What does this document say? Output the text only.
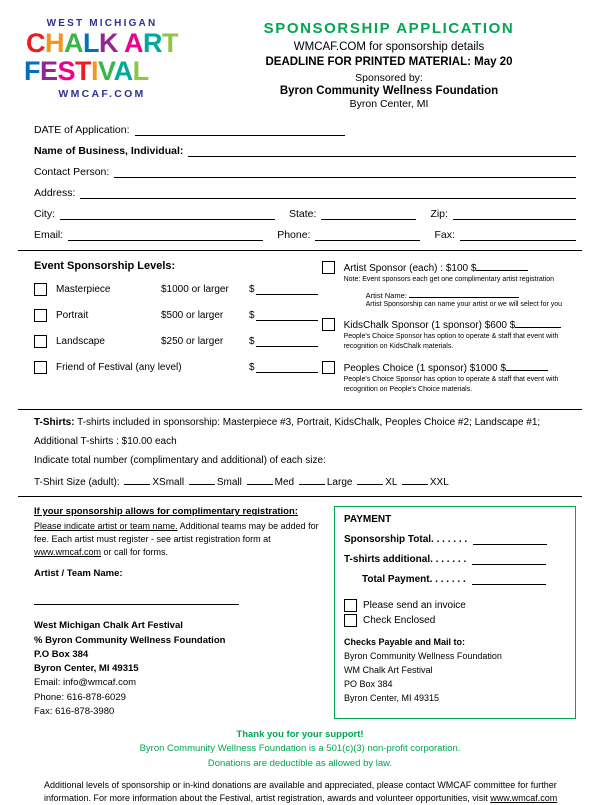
WEST MICHIGAN
CHALK ART
FESTIVAL
WMCAF.COM
SPONSORSHIP APPLICATION
WMCAF.COM for sponsorship details
DEADLINE FOR PRINTED MATERIAL: May 20
Sponsored by:
Byron Community Wellness Foundation
Byron Center, MI
DATE of Application:
Name of Business, Individual:
Contact Person:
Address:
City:	State:	Zip:
Email:	Phone:	Fax:
Event Sponsorship Levels:
Masterpiece	$1000 or larger	$
Portrait	$500 or larger	$
Landscape	$250 or larger	$
Friend of Festival (any level)	$
Artist Sponsor (each) : $100 $
Note: Event sponsors each get one complimentary artist registration
Artist Name:
Artist Sponsorship can name your artist or we will select for you
KidsChalk Sponsor (1 sponsor) $600 $
People's Choice Sponsor has option to operate & staff that event with recognition on KidsChalk materials.
Peoples Choice (1 sponsor) $1000 $
People's Choice Sponsor has option to operate & staff that event with recognition on People's Choice materials.
T-Shirts: T-shirts included in sponsorship: Masterpiece #3, Portrait, KidsChalk, Peoples Choice #2; Landscape #1;
Additional T-shirts : $10.00 each
Indicate total number (complimentary and additional) of each size:
T-Shirt Size (adult):	XSmall	Small	Med	Large	XL	XXL
If your sponsorship allows for complimentary registration:
Please indicate artist or team name. Additional teams may be added for fee. Each artist must register - see artist registration form at www.wmcaf.com or call for forms.
Artist / Team Name:
West Michigan Chalk Art Festival
% Byron Community Wellness Foundation
P.O Box 384
Byron Center, MI 49315
Email: info@wmcaf.com
Phone: 616-878-6029
Fax: 616-878-3980
PAYMENT
Sponsorship Total . . . . . . .
T-shirts additional . . . . . . .
Total Payment . . . . . . .
Please send an invoice
Check Enclosed
Checks Payable and Mail to:
Byron Community Wellness Foundation
WM Chalk Art Festival
PO Box 384
Byron Center, MI 49315
Thank you for your support!
Byron Community Wellness Foundation is a 501(c)(3) non-profit corporation.
Donations are deductible as allowed by law.
Additional levels of sponsorship or in-kind donations are available and appreciated, please contact WMCAF committee for further information. For more information about the Festival, artist registration, awards and volunteer opportunities, visit www.wmcaf.com
